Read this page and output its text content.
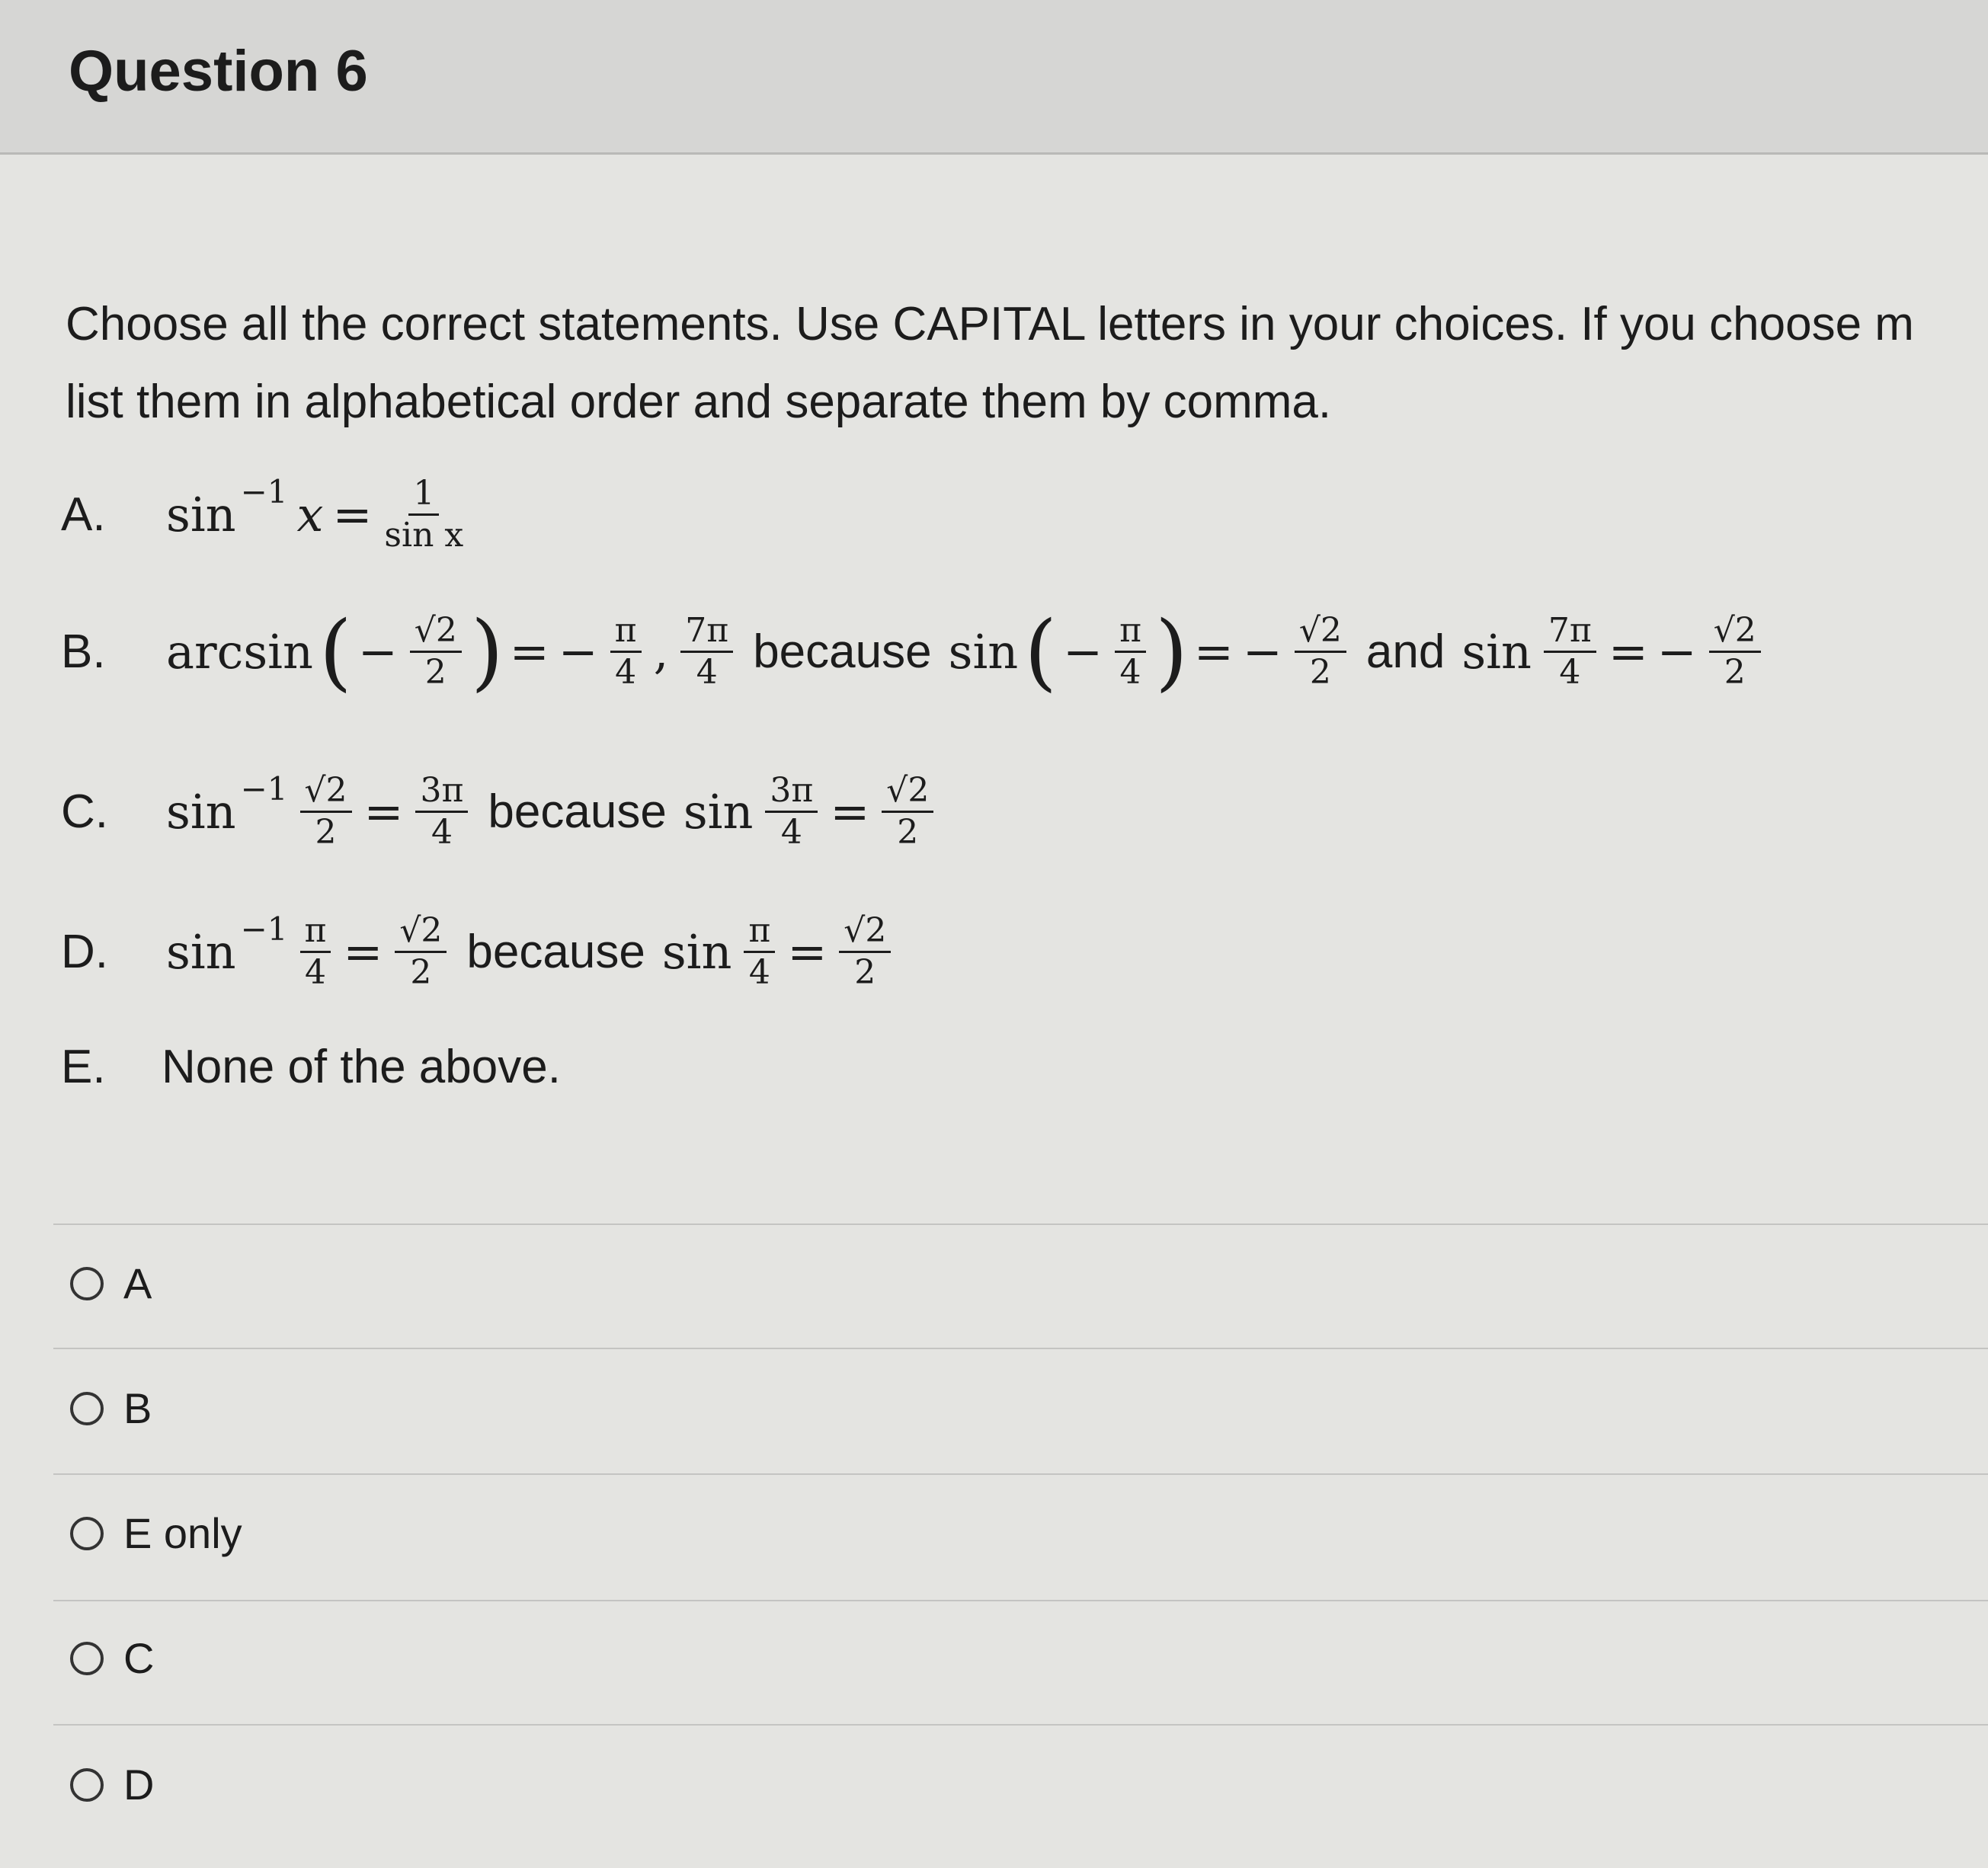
Question 6
Choose all the correct statements. Use CAPITAL letters in your choices. If you choose m
list them in alphabetical order and separate them by comma.
A.	sin −1 $x = \frac{1}{\text{sin x}}$
B.	arcsin ( − $\frac{√2}{2}$ ) = − $\frac{\pi}{4}$ , $\frac{7\pi}{4}$ because sin ( − $\frac{\pi}{4}$ ) = − $\frac{√2}{2}$ and $\sin \frac{7\pi}{4}$ = − $\frac{√2}{2}$
C.	$\sin -1 \frac{√2}{2} = \frac{3\pi}{4}$ because $\sin \frac{3\pi}{4} = \frac{√2}{2}$
D.	$\sin -1 \frac{\pi}{4} = \frac{√2}{2}$ because $\sin \frac{\pi}{4} = \frac{√2}{2}$
E.	None of the above.
A
B
E only
C
D
